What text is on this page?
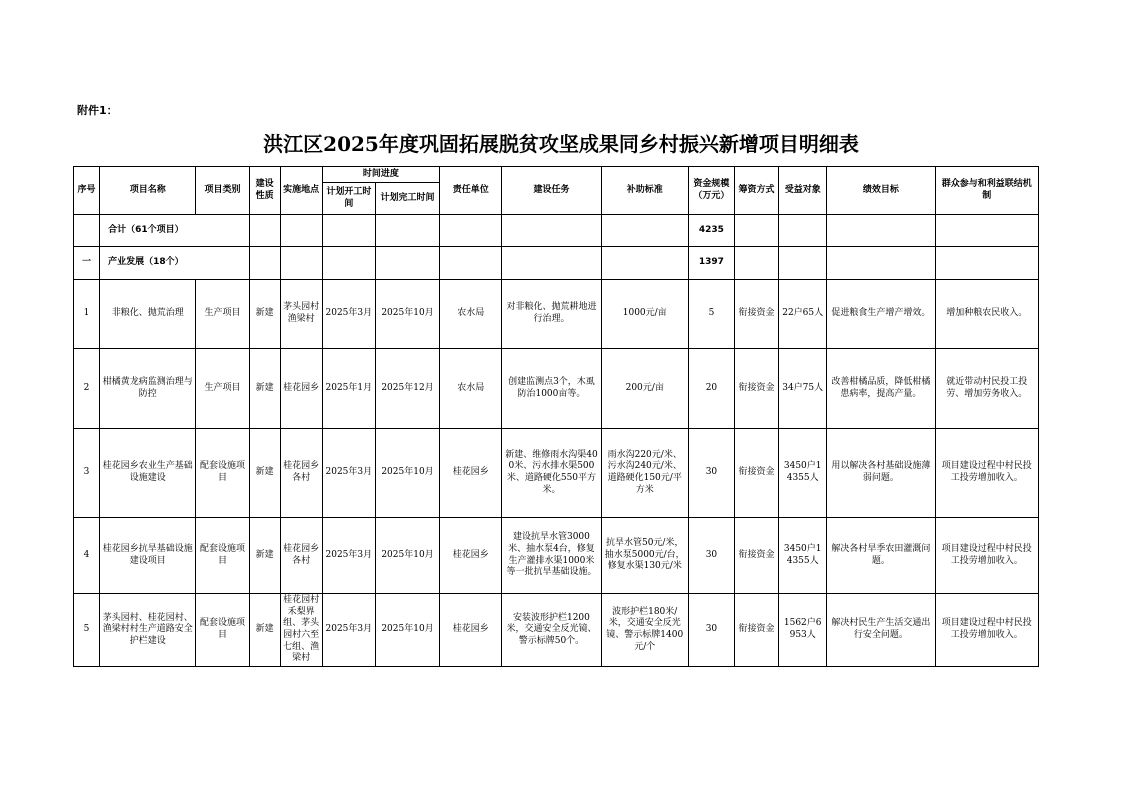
附件1：
洪江区2025年度巩固拓展脱贫攻坚成果同乡村振兴新增项目明细表
序号	项目名称	项目类别	建设性质	实施地点	时间进度		责任单位	建设任务	补助标准	资金规模（万元）	筹资方式	受益对象	绩效目标	群众参与和利益联结机制
					计划开工时间	计划完工时间								
	合计（61个项目）									4235				
一	产业发展（18个）									1397				
1	非粮化、抛荒治理	生产项目	新建	茅头园村渔梁村	2025年3月	2025年10月	农水局	对非粮化、抛荒耕地进行治理。	1000元/亩	5	衔接资金	22户65人	促进粮食生产增产增效。	增加种粮农民收入。
2	柑橘黄龙病监测治理与防控	生产项目	新建	桂花园乡	2025年1月	2025年12月	农水局	创建监测点3个，木虱防治1000亩等。	200元/亩	20	衔接资金	34户75人	改善柑橘品质，降低柑橘患病率，提高产量。	就近带动村民投工投劳、增加劳务收入。
3	桂花园乡农业生产基础设施建设	配套设施项目	新建	桂花园乡各村	2025年3月	2025年10月	桂花园乡	新建、维修雨水沟渠400米、污水排水渠500米、道路硬化550平方米。	雨水沟220元/米、污水沟240元/米、道路硬化150元/平方米	30	衔接资金	3450户14355人	用以解决各村基础设施薄弱问题。	项目建设过程中村民投工投劳增加收入。
4	桂花园乡抗旱基础设施建设项目	配套设施项目	新建	桂花园乡各村	2025年3月	2025年10月	桂花园乡	建设抗旱水管3000米、抽水泵4台，修复生产灌排水渠1000米等一批抗旱基础设施。	抗旱水管50元/米，抽水泵5000元/台，修复水渠130元/米	30	衔接资金	3450户14355人	解决各村旱季农田灌溉问题。	项目建设过程中村民投工投劳增加收入。
5	茅头园村、桂花园村、渔梁村村生产道路安全护栏建设	配套设施项目	新建	桂花园村禾梨界组、茅头园村六至七组、渔梁村	2025年3月	2025年10月	桂花园乡	安装波形护栏1200米，交通安全反光镜、警示标牌50个。	波形护栏180米/米，交通安全反光镜、警示标牌1400元/个	30	衔接资金	1562户6953人	解决村民生产生活交通出行安全问题。	项目建设过程中村民投工投劳增加收入。
